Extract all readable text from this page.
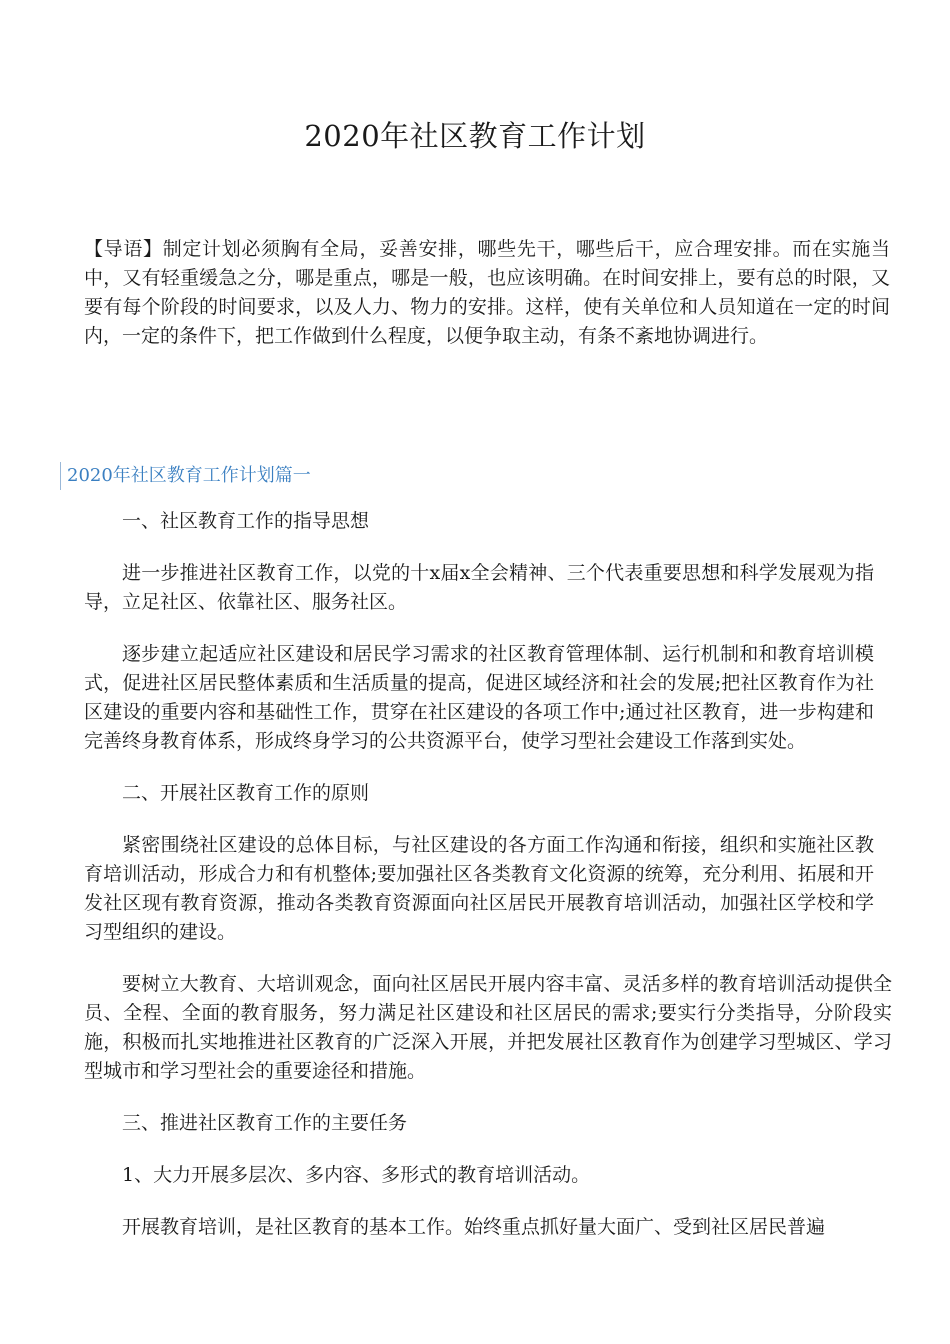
2020年社区教育工作计划

【导语】制定计划必须胸有全局，妥善安排，哪些先干，哪些后干，应合理安排。而在实施当中，又有轻重缓急之分，哪是重点，哪是一般，也应该明确。在时间安排上，要有总的时限，又要有每个阶段的时间要求，以及人力、物力的安排。这样，使有关单位和人员知道在一定的时间内，一定的条件下，把工作做到什么程度，以便争取主动，有条不紊地协调进行。

2020年社区教育工作计划篇一

一、社区教育工作的指导思想

进一步推进社区教育工作，以党的十x届x全会精神、三个代表重要思想和科学发展观为指导，立足社区、依靠社区、服务社区。

逐步建立起适应社区建设和居民学习需求的社区教育管理体制、运行机制和和教育培训模式，促进社区居民整体素质和生活质量的提高，促进区域经济和社会的发展;把社区教育作为社区建设的重要内容和基础性工作，贯穿在社区建设的各项工作中;通过社区教育，进一步构建和完善终身教育体系，形成终身学习的公共资源平台，使学习型社会建设工作落到实处。

二、开展社区教育工作的原则

紧密围绕社区建设的总体目标，与社区建设的各方面工作沟通和衔接，组织和实施社区教育培训活动，形成合力和有机整体;要加强社区各类教育文化资源的统筹，充分利用、拓展和开发社区现有教育资源，推动各类教育资源面向社区居民开展教育培训活动，加强社区学校和学习型组织的建设。

要树立大教育、大培训观念，面向社区居民开展内容丰富、灵活多样的教育培训活动提供全员、全程、全面的教育服务，努力满足社区建设和社区居民的需求;要实行分类指导，分阶段实施，积极而扎实地推进社区教育的广泛深入开展，并把发展社区教育作为创建学习型城区、学习型城市和学习型社会的重要途径和措施。

三、推进社区教育工作的主要任务

1、大力开展多层次、多内容、多形式的教育培训活动。

开展教育培训，是社区教育的基本工作。始终重点抓好量大面广、受到社区居民普遍
